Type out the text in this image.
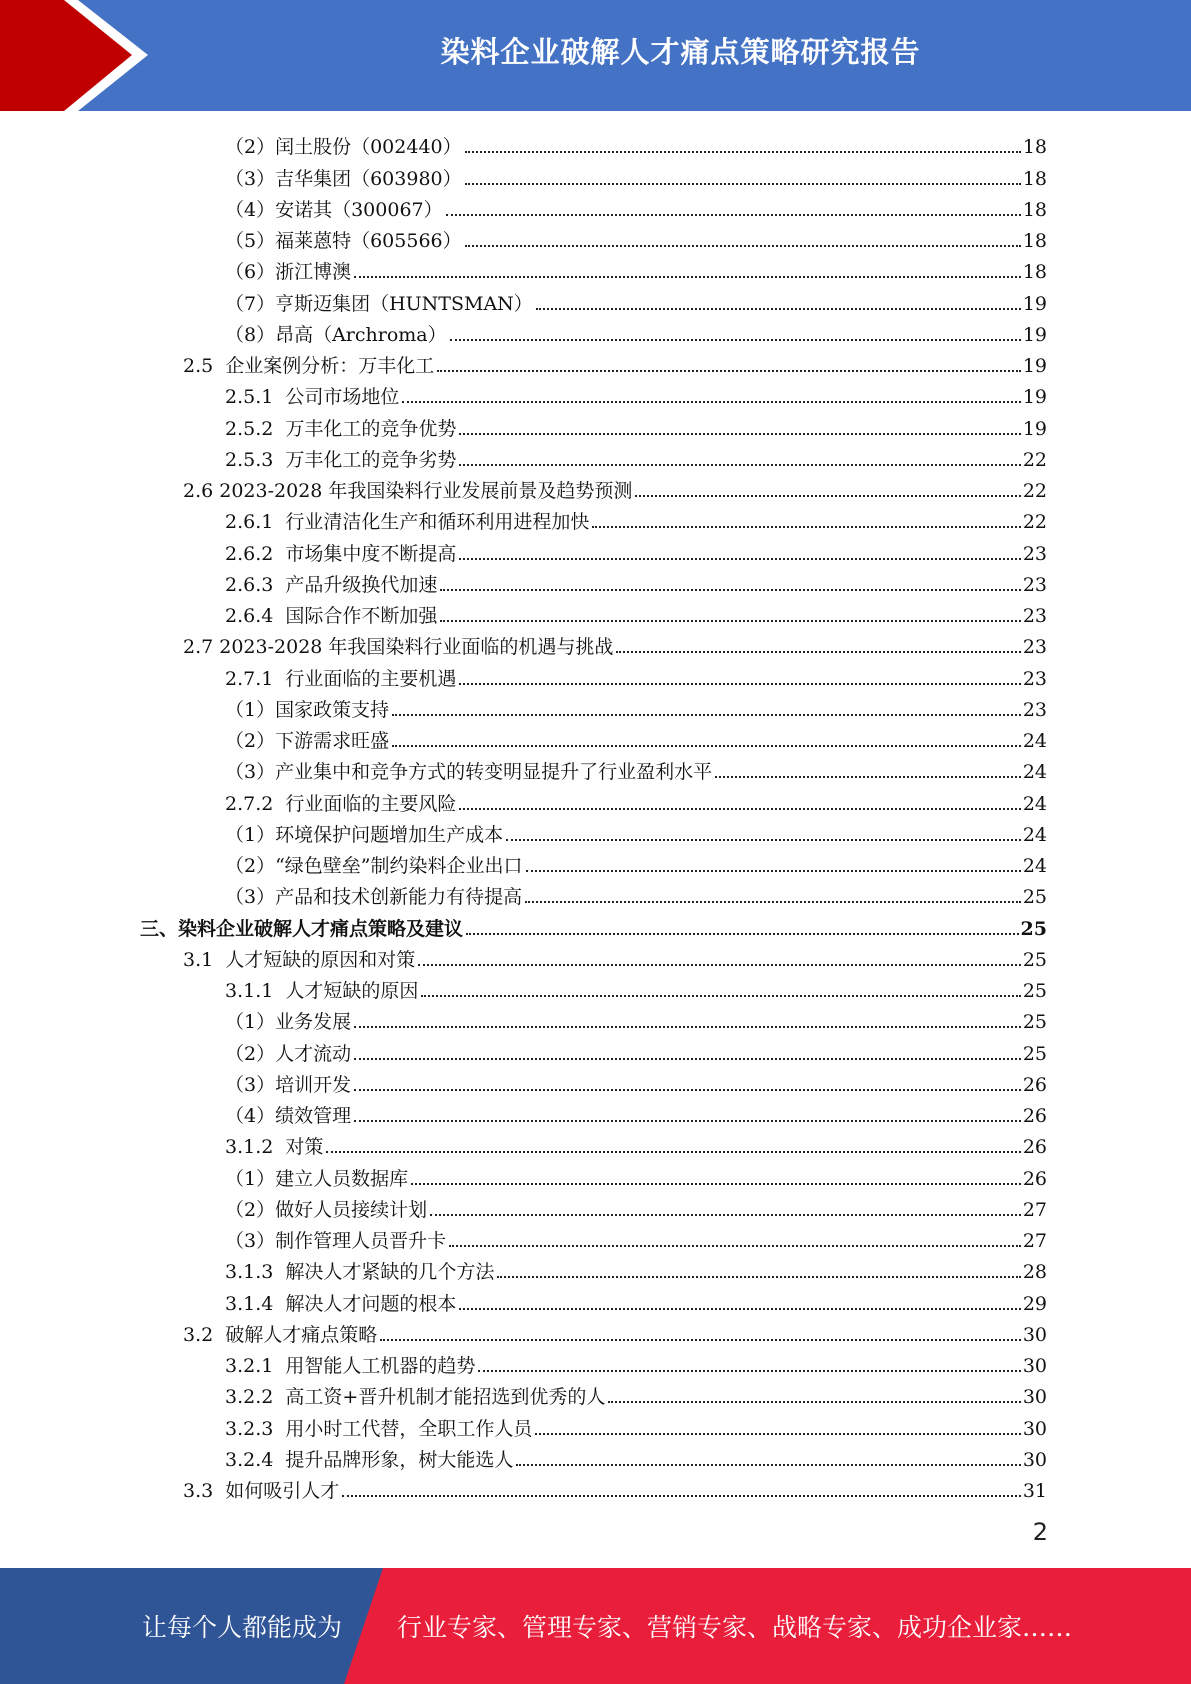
染料企业破解人才痛点策略研究报告
（2）闰土股份（002440）	18
（3）吉华集团（603980）	18
（4）安诺其（300067）	18
（5）福莱蒽特（605566）	18
（6）浙江博澳	18
（7）亨斯迈集团（HUNTSMAN）	19
（8）昂高（Archroma）	19
2.5  企业案例分析：万丰化工	19
2.5.1  公司市场地位	19
2.5.2  万丰化工的竞争优势	19
2.5.3  万丰化工的竞争劣势	22
2.6 2023-2028 年我国染料行业发展前景及趋势预测	22
2.6.1  行业清洁化生产和循环利用进程加快	22
2.6.2  市场集中度不断提高	23
2.6.3  产品升级换代加速	23
2.6.4  国际合作不断加强	23
2.7 2023-2028 年我国染料行业面临的机遇与挑战	23
2.7.1  行业面临的主要机遇	23
（1）国家政策支持	23
（2）下游需求旺盛	24
（3）产业集中和竞争方式的转变明显提升了行业盈利水平	24
2.7.2  行业面临的主要风险	24
（1）环境保护问题增加生产成本	24
（2）“绿色壁垒”制约染料企业出口	24
（3）产品和技术创新能力有待提高	25
三、染料企业破解人才痛点策略及建议	25
3.1  人才短缺的原因和对策	25
3.1.1  人才短缺的原因	25
（1）业务发展	25
（2）人才流动	25
（3）培训开发	26
（4）绩效管理	26
3.1.2  对策	26
（1）建立人员数据库	26
（2）做好人员接续计划	27
（3）制作管理人员晋升卡	27
3.1.3  解决人才紧缺的几个方法	28
3.1.4  解决人才问题的根本	29
3.2  破解人才痛点策略	30
3.2.1  用智能人工机器的趋势	30
3.2.2  高工资+晋升机制才能招选到优秀的人	30
3.2.3  用小时工代替，全职工作人员	30
3.2.4  提升品牌形象，树大能选人	30
3.3  如何吸引人才	31
2
让每个人都能成为 行业专家、管理专家、营销专家、战略专家、成功企业家……
